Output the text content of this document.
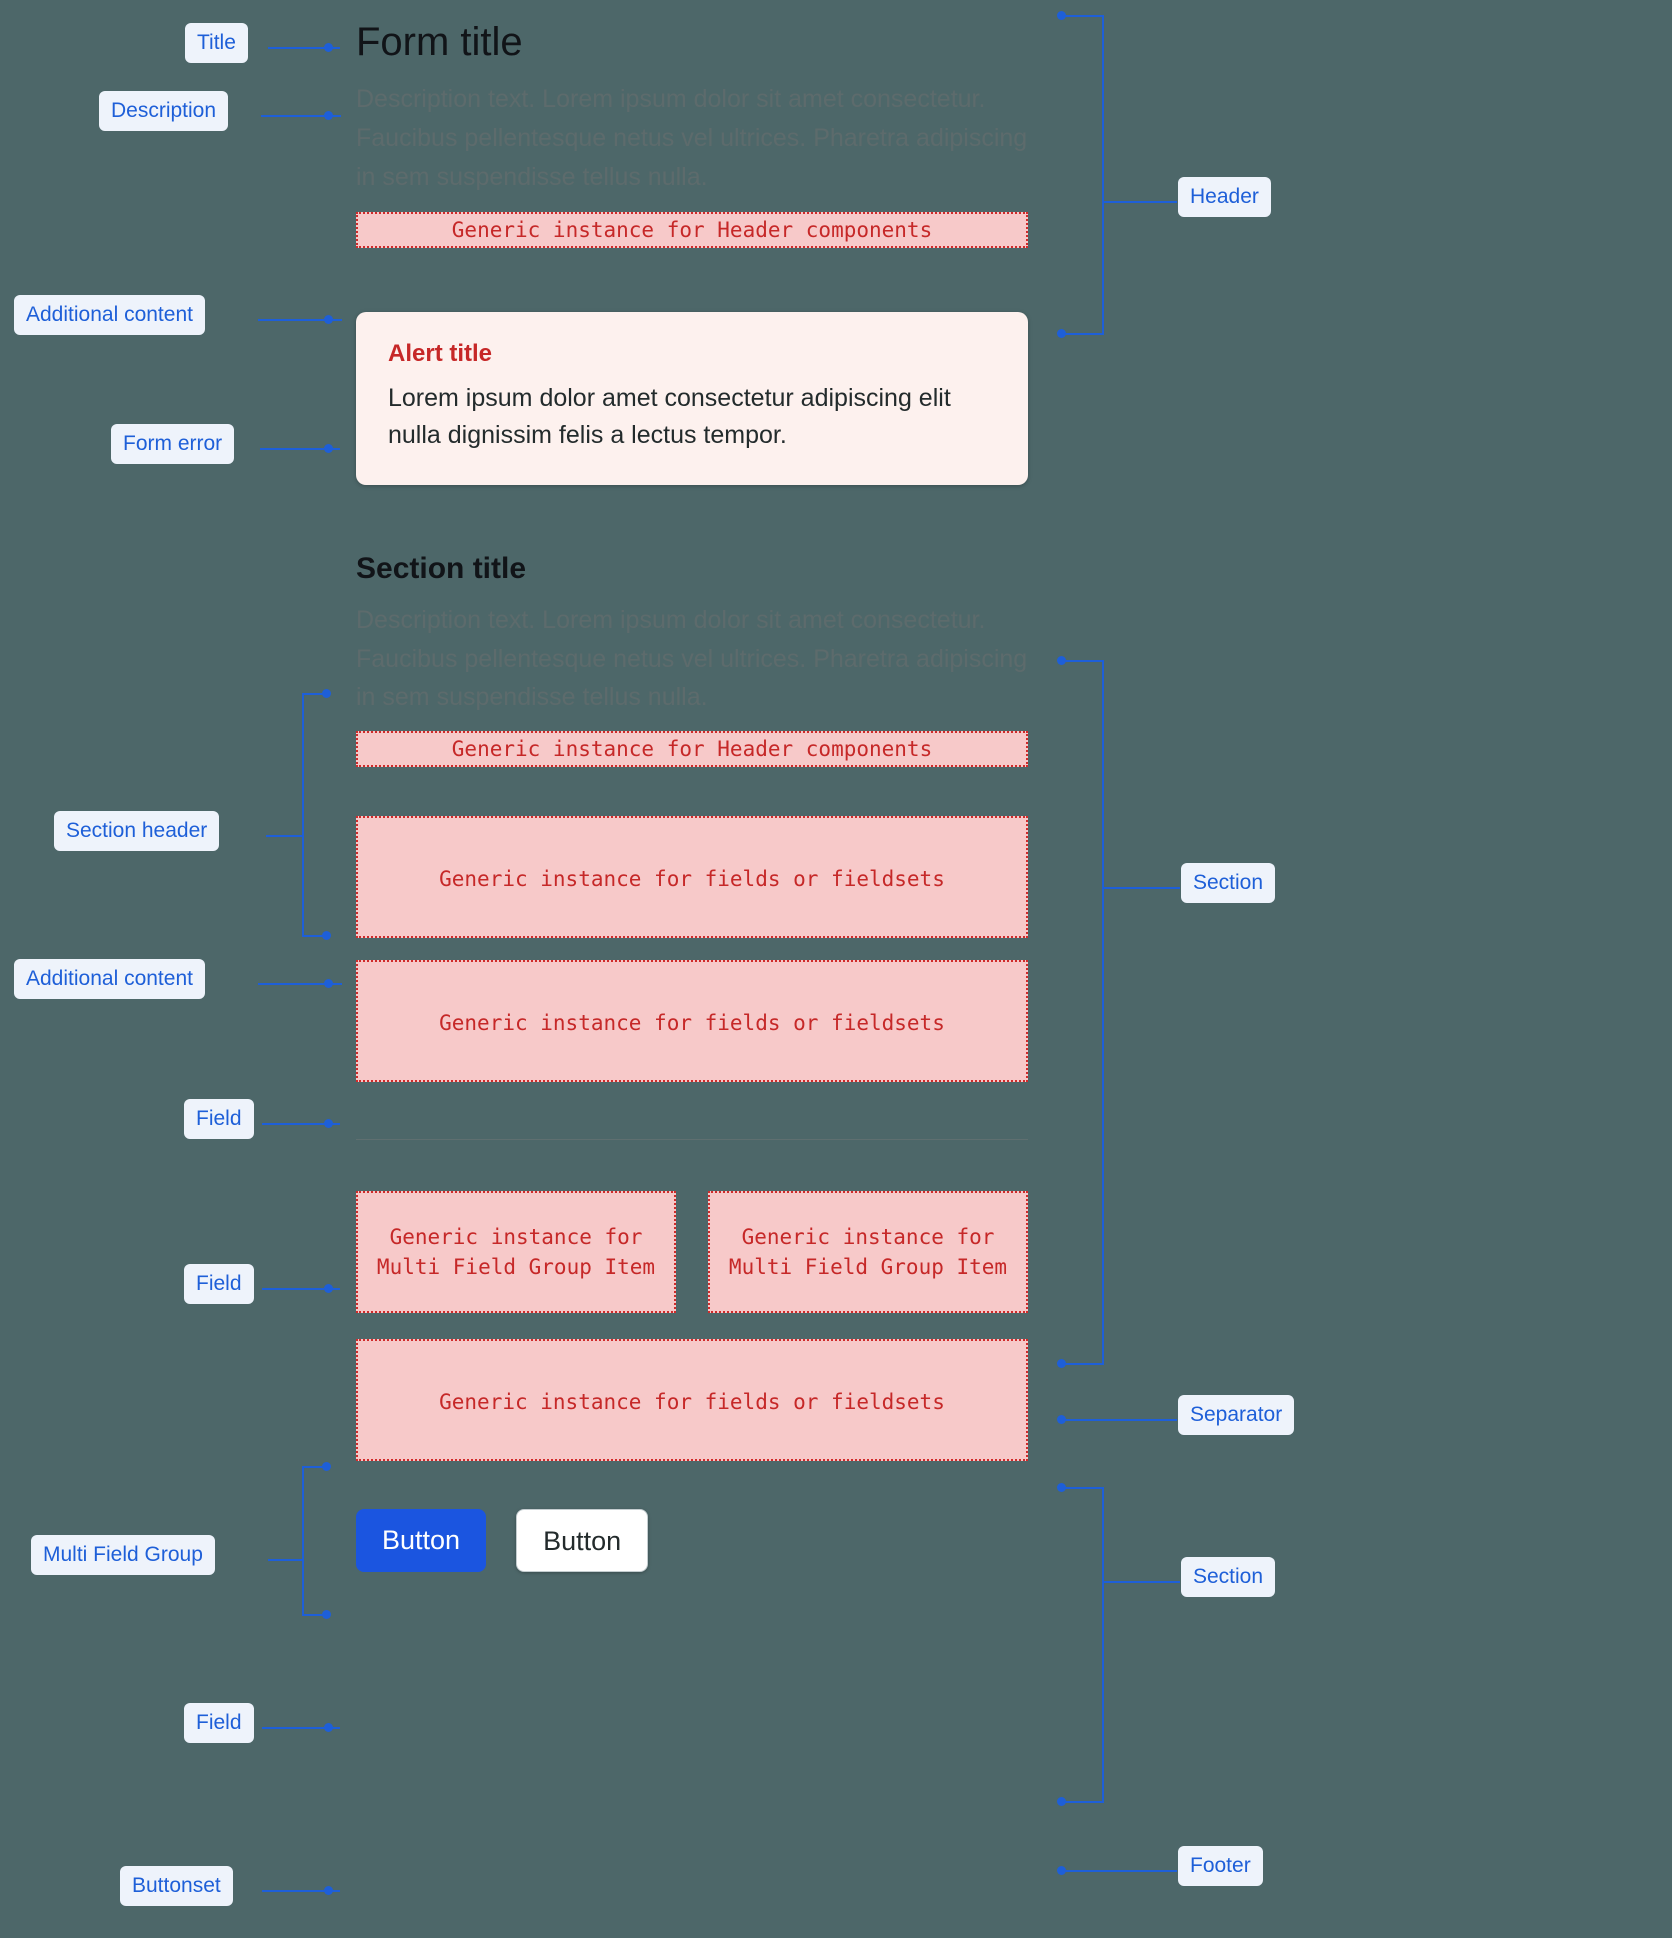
Form title

Description text. Lorem ipsum dolor sit amet consectetur. Faucibus pellentesque netus vel ultrices. Pharetra adipiscing in sem suspendisse tellus nulla.

Generic instance for Header components
Alert title
Lorem ipsum dolor amet consectetur adipiscing elit nulla dignissim felis a lectus tempor.
Section title

Description text. Lorem ipsum dolor sit amet consectetur. Faucibus pellentesque netus vel ultrices. Pharetra adipiscing in sem suspendisse tellus nulla.

Generic instance for Header components
Generic instance for fields or fieldsets
Generic instance for fields or fieldsets
Generic instance for Multi Field Group Item
Generic instance for Multi Field Group Item
Generic instance for fields or fieldsets
Button	Button
Title
Description
Additional content
Form error
Section header
Additional content
Field
Field
Multi Field Group
Field
Buttonset
Header
Section
Separator
Section
Footer
